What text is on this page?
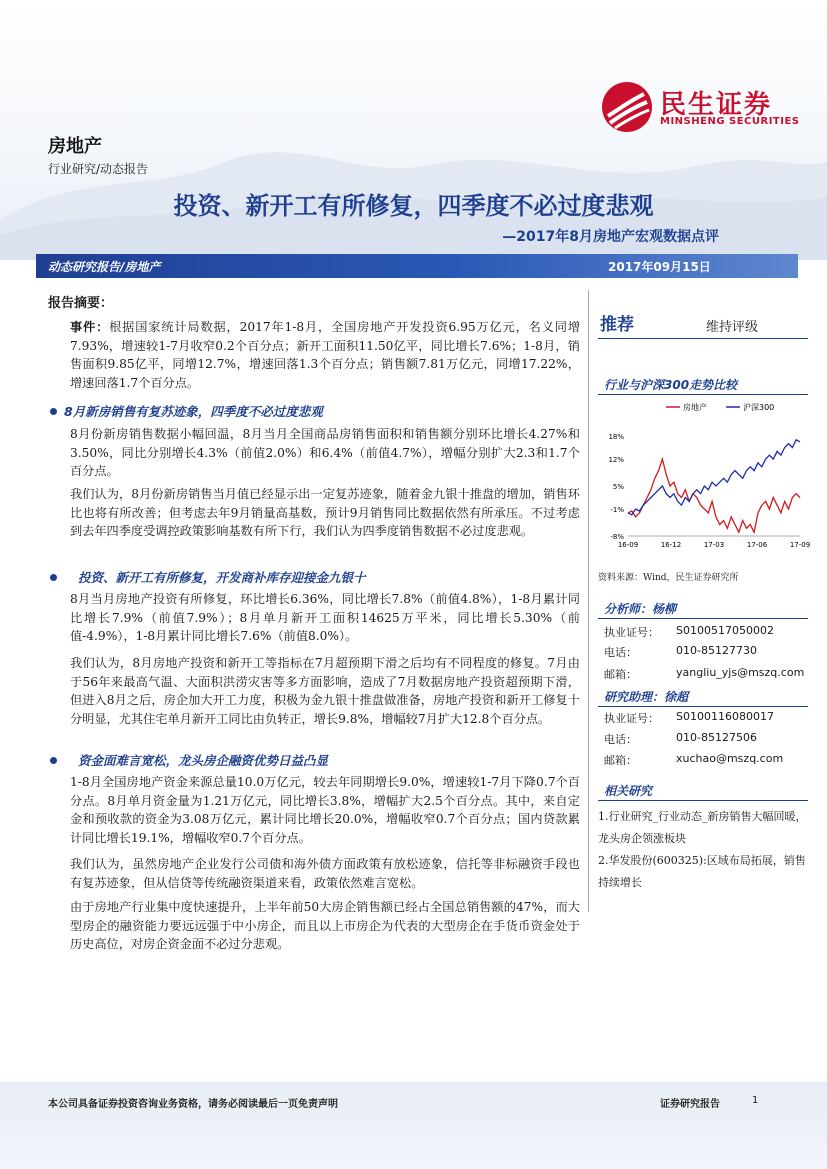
民生证券
MINSHENG SECURITIES
房地产
行业研究/动态报告
投资、新开工有所修复，四季度不必过度悲观
—2017年8月房地产宏观数据点评
动态研究报告/房地产	2017年09月15日
报告摘要：
事件：根据国家统计局数据，2017年1-8月，全国房地产开发投资6.95万亿元，名义同增7.93%，增速较1-7月收窄0.2个百分点；新开工面积11.50亿平，同比增长7.6%；1-8月，销售面积9.85亿平，同增12.7%，增速回落1.3个百分点；销售额7.81万亿元，同增17.22%，增速回落1.7个百分点。
8月新房销售有复苏迹象，四季度不必过度悲观
8月份新房销售数据小幅回温，8月当月全国商品房销售面积和销售额分别环比增长4.27%和3.50%，同比分别增长4.3%（前值2.0%）和6.4%（前值4.7%），增幅分别扩大2.3和1.7个百分点。
我们认为，8月份新房销售当月值已经显示出一定复苏迹象，随着金九银十推盘的增加，销售环比也将有所改善；但考虑去年9月销量高基数，预计9月销售同比数据依然有所承压。不过考虑到去年四季度受调控政策影响基数有所下行，我们认为四季度销售数据不必过度悲观。
投资、新开工有所修复，开发商补库存迎接金九银十
8月当月房地产投资有所修复，环比增长6.36%，同比增长7.8%（前值4.8%），1-8月累计同比增长7.9%（前值7.9%）；8月单月新开工面积14625万平米，同比增长5.30%（前值-4.9%），1-8月累计同比增长7.6%（前值8.0%）。
我们认为，8月房地产投资和新开工等指标在7月超预期下滑之后均有不同程度的修复。7月由于56年来最高气温、大面积洪涝灾害等多方面影响，造成了7月数据房地产投资超预期下滑，但进入8月之后，房企加大开工力度，积极为金九银十推盘做准备，房地产投资和新开工修复十分明显，尤其住宅单月新开工同比由负转正，增长9.8%，增幅较7月扩大12.8个百分点。
资金面难言宽松，龙头房企融资优势日益凸显
1-8月全国房地产资金来源总量10.0万亿元，较去年同期增长9.0%，增速较1-7月下降0.7个百分点。8月单月资金量为1.21万亿元，同比增长3.8%，增幅扩大2.5个百分点。其中，来自定金和预收款的资金为3.08万亿元，累计同比增长20.0%，增幅收窄0.7个百分点；国内贷款累计同比增长19.1%，增幅收窄0.7个百分点。
我们认为，虽然房地产企业发行公司债和海外债方面政策有放松迹象，信托等非标融资手段也有复苏迹象，但从信贷等传统融资渠道来看，政策依然难言宽松。
由于房地产行业集中度快速提升，上半年前50大房企销售额已经占全国总销售额的47%，而大型房企的融资能力要远远强于中小房企，而且以上市房企为代表的大型房企在手货币资金处于历史高位，对房企资金面不必过分悲观。
推荐	维持评级
行业与沪深300走势比较
房地产	沪深300
18%
12%
5%
-1%
-8%
16-09	16-12	17-03	17-06	17-09
资料来源：Wind，民生证券研究所
分析师：杨柳
执业证号： S0100517050002
电话：	010-85127730
邮箱：	yangliu_yjs@mszq.com
研究助理：徐超
执业证号： S0100116080017
电话：	010-85127506
邮箱：	xuchao@mszq.com
相关研究
1.行业研究_行业动态_新房销售大幅回暖，龙头房企领涨板块
2.华发股份(600325):区域布局拓展，销售持续增长
本公司具备证券投资咨询业务资格，请务必阅读最后一页免责声明	证券研究报告	1
